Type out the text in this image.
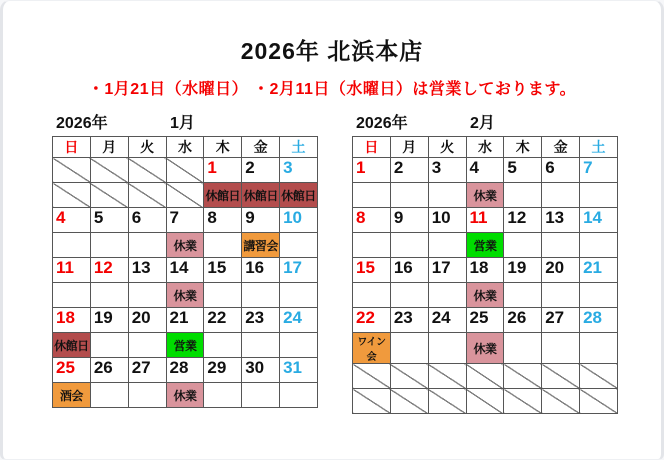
2026年 北浜本店
・1月21日（水曜日） ・2月11日（水曜日）は営業しております。
2026年	1月
日	月	火	水	木	金	土
				1	2	3
				休館日	休館日	休館日
4	5	6	7	8	9	10
			休業		講習会	
11	12	13	14	15	16	17
			休業			
18	19	20	21	22	23	24
休館日			営業			
25	26	27	28	29	30	31
酒会			休業			
2026年	2月
日	月	火	水	木	金	土
1	2	3	4	5	6	7
			休業			
8	9	10	11	12	13	14
			営業			
15	16	17	18	19	20	21
			休業			
22	23	24	25	26	27	28
ワイン会			休業			
